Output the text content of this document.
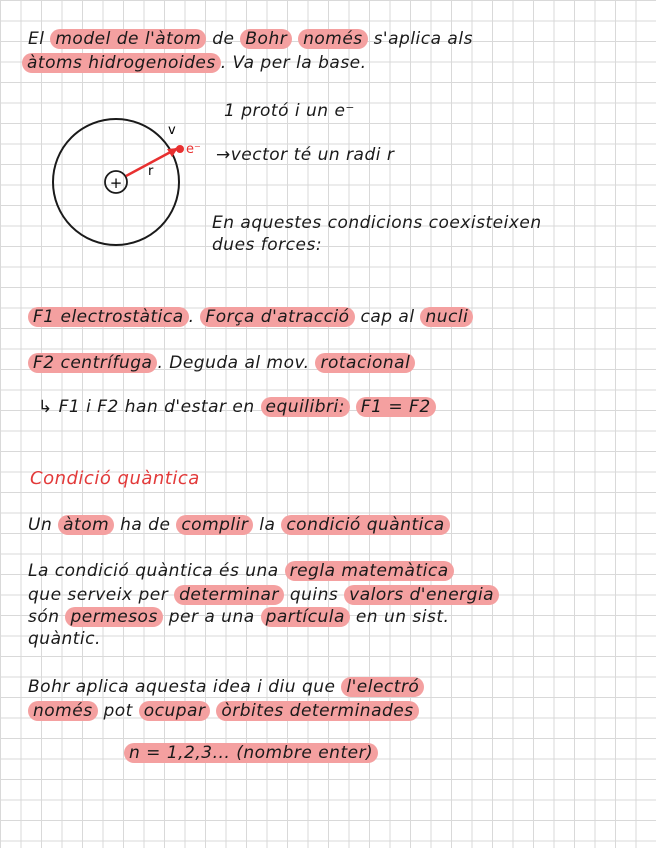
El model de l'àtom de Bohr només s'aplica als
àtoms hidrogenoides . Va per la base.
+
e⁻
r
v
1 protó i un e⁻
→vector té un radi r
En aquestes condicions coexisteixen
dues forces:
F1 electrostàtica . Força d'atracció cap al nucli
F2 centrífuga . Deguda al mov. rotacional
↳ F1 i F2 han d'estar en equilibri: F1 = F2
Condició quàntica
Un àtom ha de complir la condició quàntica
La condició quàntica és una regla matemàtica
que serveix per determinar quins valors d'energia
són permesos per a una partícula en un sist.
quàntic.
Bohr aplica aquesta idea i diu que l'electró
només pot ocupar òrbites determinades
n = 1,2,3... (nombre enter)
